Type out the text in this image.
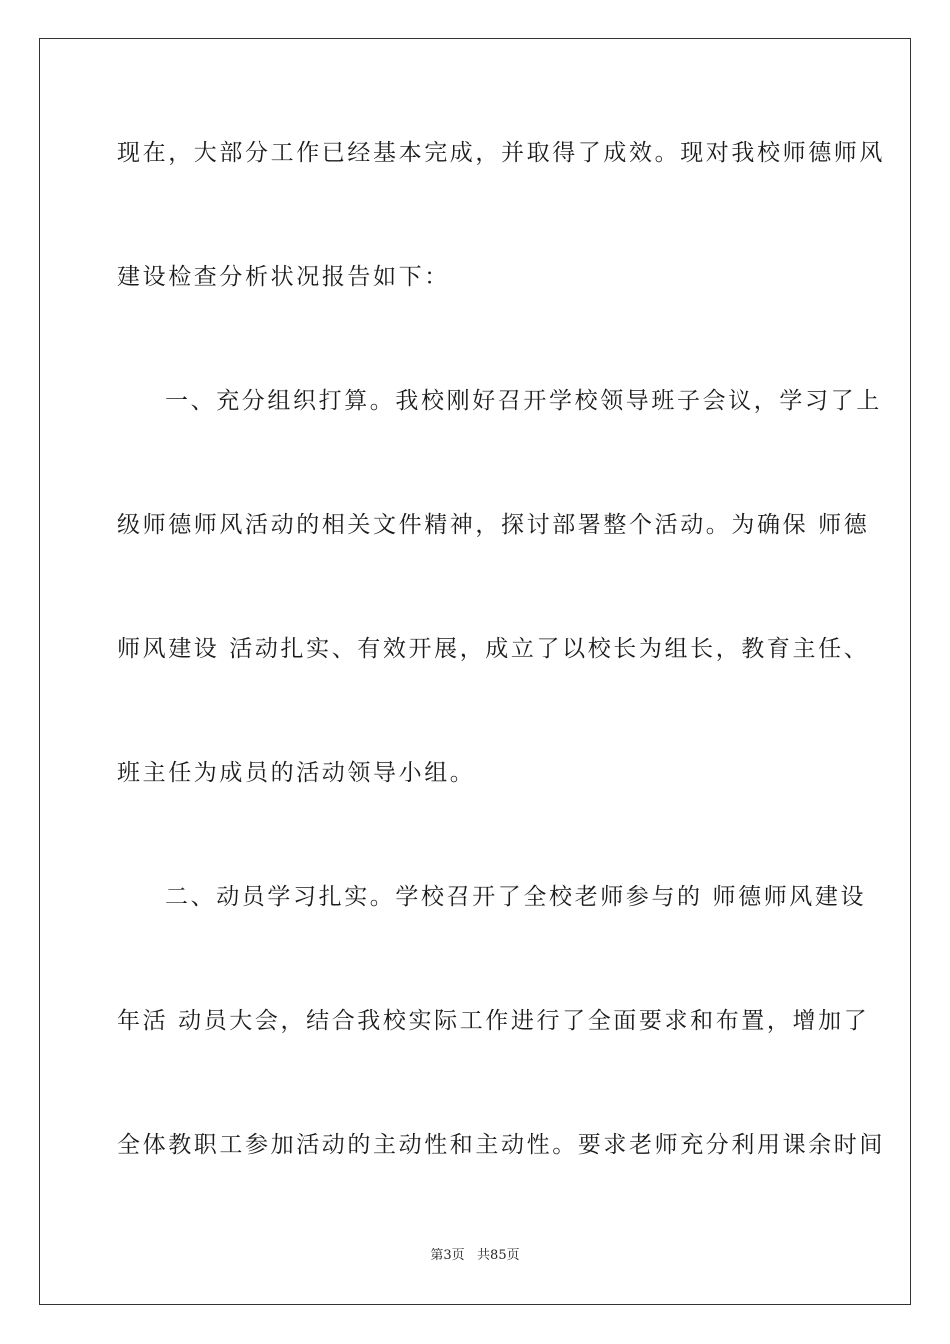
现在，大部分工作已经基本完成，并取得了成效。现对我校师德师风
建设检查分析状况报告如下：
一、充分组织打算。我校刚好召开学校领导班子会议，学习了上
级师德师风活动的相关文件精神，探讨部署整个活动。为确保 师德
师风建设 活动扎实、有效开展，成立了以校长为组长，教育主任、
班主任为成员的活动领导小组。
二、动员学习扎实。学校召开了全校老师参与的 师德师风建设
年活 动员大会，结合我校实际工作进行了全面要求和布置，增加了
全体教职工参加活动的主动性和主动性。要求老师充分利用课余时间
第3页   共85页
